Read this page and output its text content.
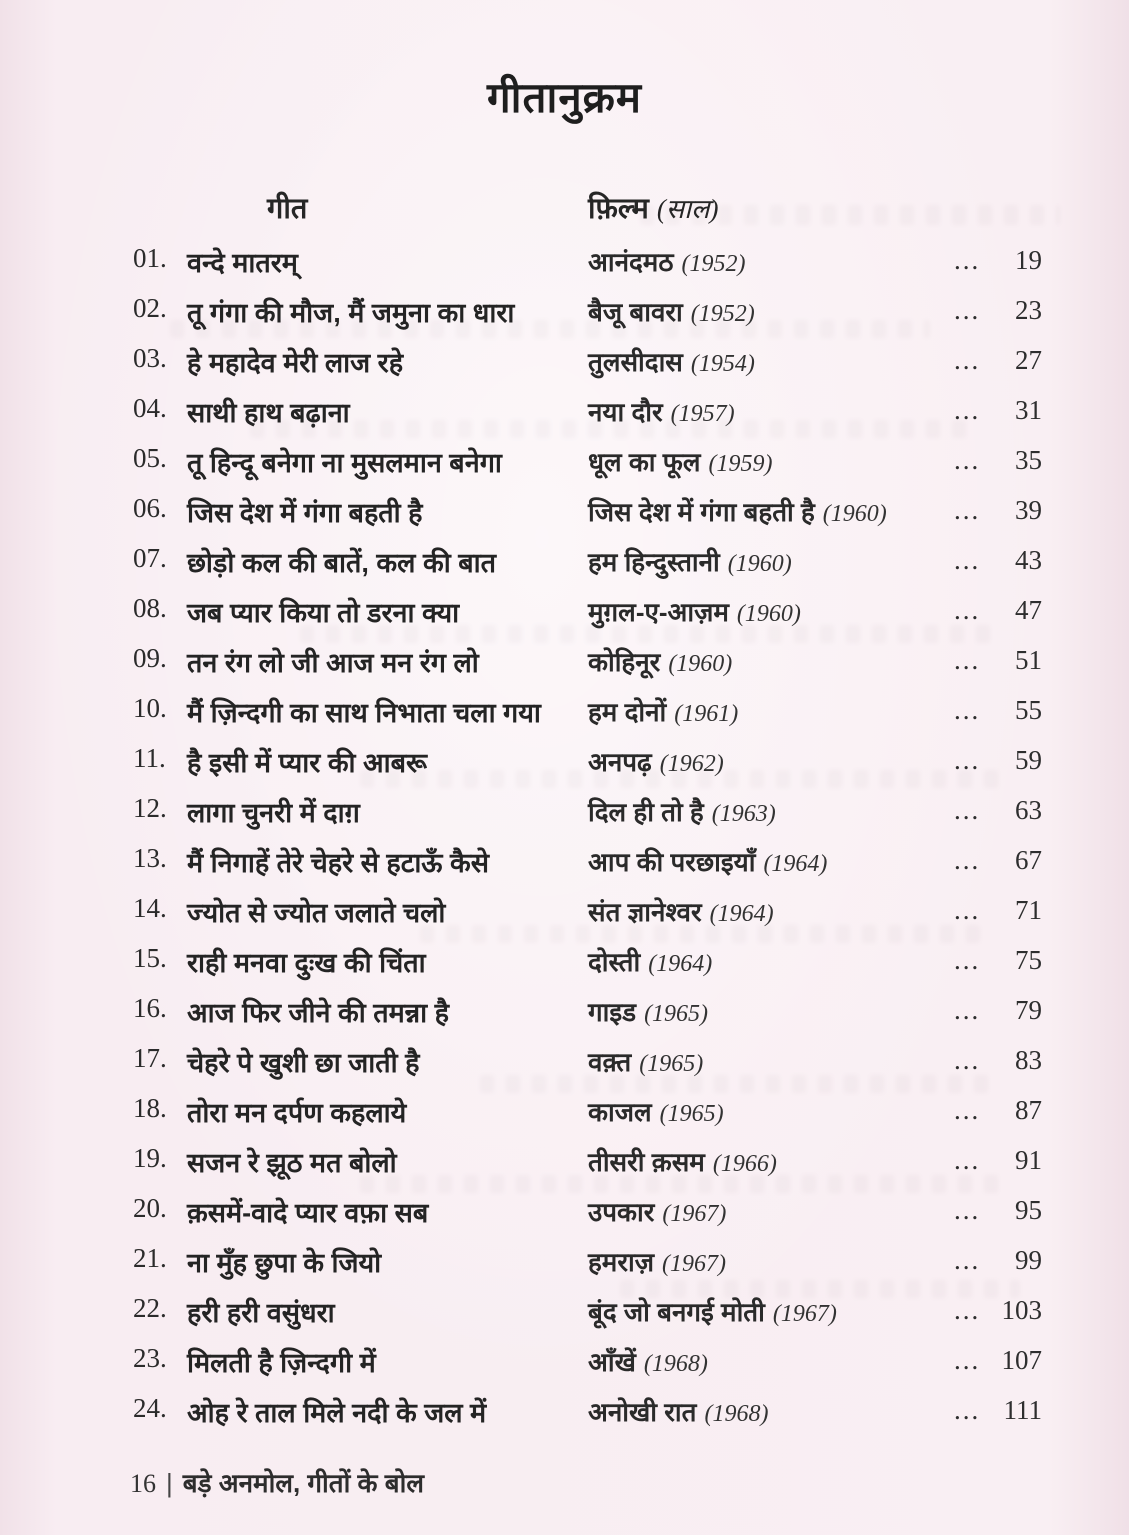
गीतानुक्रम
गीत	फ़िल्म (साल)
01. वन्दे मातरम्	आनंदमठ (1952)	... 19
02. तू गंगा की मौज, मैं जमुना का धारा	बैजू बावरा (1952)	... 23
03. हे महादेव मेरी लाज रहे	तुलसीदास (1954)	... 27
04. साथी हाथ बढ़ाना	नया दौर (1957)	... 31
05. तू हिन्दू बनेगा ना मुसलमान बनेगा	धूल का फूल (1959)	... 35
06. जिस देश में गंगा बहती है	जिस देश में गंगा बहती है (1960) ... 39
07. छोड़ो कल की बातें, कल की बात	हम हिन्दुस्तानी (1960)	... 43
08. जब प्यार किया तो डरना क्या	मुग़ल-ए-आज़म (1960)	... 47
09. तन रंग लो जी आज मन रंग लो	कोहिनूर (1960)	... 51
10. मैं ज़िन्दगी का साथ निभाता चला गया	हम दोनों (1961)	... 55
11. है इसी में प्यार की आबरू	अनपढ़ (1962)	... 59
12. लागा चुनरी में दाग़	दिल ही तो है (1963)	... 63
13. मैं निगाहें तेरे चेहरे से हटाऊँ कैसे	आप की परछाइयाँ (1964)	... 67
14. ज्योत से ज्योत जलाते चलो	संत ज्ञानेश्वर (1964)	... 71
15. राही मनवा दुःख की चिंता	दोस्ती (1964)	... 75
16. आज फिर जीने की तमन्ना है	गाइड (1965)	... 79
17. चेहरे पे खुशी छा जाती है	वक़्त (1965)	... 83
18. तोरा मन दर्पण कहलाये	काजल (1965)	... 87
19. सजन रे झूठ मत बोलो	तीसरी क़सम (1966)	... 91
20. क़समें-वादे प्यार वफ़ा सब	उपकार (1967)	... 95
21. ना मुँह छुपा के जियो	हमराज़ (1967)	... 99
22. हरी हरी वसुंधरा	बूंद जो बनगई मोती (1967)	... 103
23. मिलती है ज़िन्दगी में	आँखें (1968)	... 107
24. ओह रे ताल मिले नदी के जल में	अनोखी रात (1968)	... 111
16 | बड़े अनमोल, गीतों के बोल
